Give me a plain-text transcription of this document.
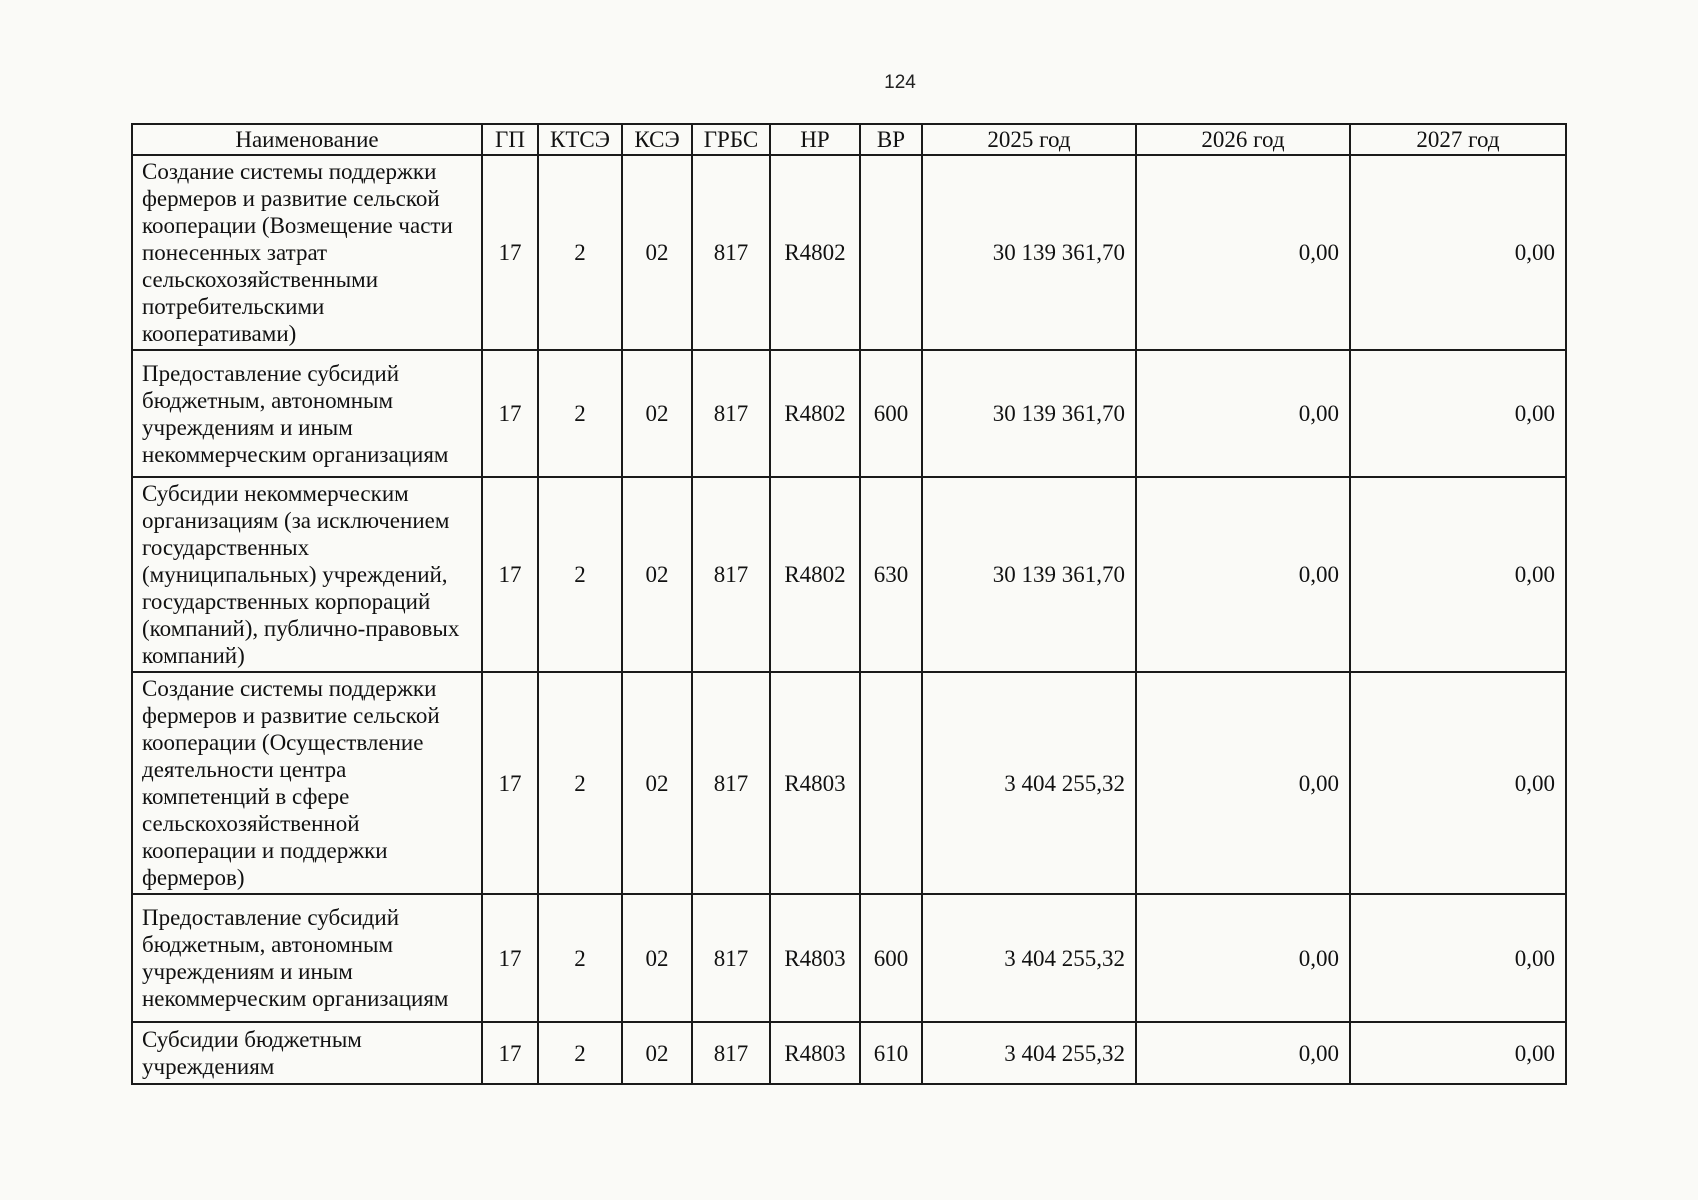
124
Наименование	ГП	КТСЭ	КСЭ	ГРБС	НР	ВР	2025 год	2026 год	2027 год
Создание системы поддержки фермеров и развитие сельской кооперации (Возмещение части понесенных затрат сельскохозяйственными потребительскими кооперативами)	17	2	02	817	R4802		30 139 361,70	0,00	0,00
Предоставление субсидий бюджетным, автономным учреждениям и иным некоммерческим организациям	17	2	02	817	R4802	600	30 139 361,70	0,00	0,00
Субсидии некоммерческим организациям (за исключением государственных (муниципальных) учреждений, государственных корпораций (компаний), публично-правовых компаний)	17	2	02	817	R4802	630	30 139 361,70	0,00	0,00
Создание системы поддержки фермеров и развитие сельской кооперации (Осуществление деятельности центра компетенций в сфере сельскохозяйственной кооперации и поддержки фермеров)	17	2	02	817	R4803		3 404 255,32	0,00	0,00
Предоставление субсидий бюджетным, автономным учреждениям и иным некоммерческим организациям	17	2	02	817	R4803	600	3 404 255,32	0,00	0,00
Субсидии бюджетным учреждениям	17	2	02	817	R4803	610	3 404 255,32	0,00	0,00
